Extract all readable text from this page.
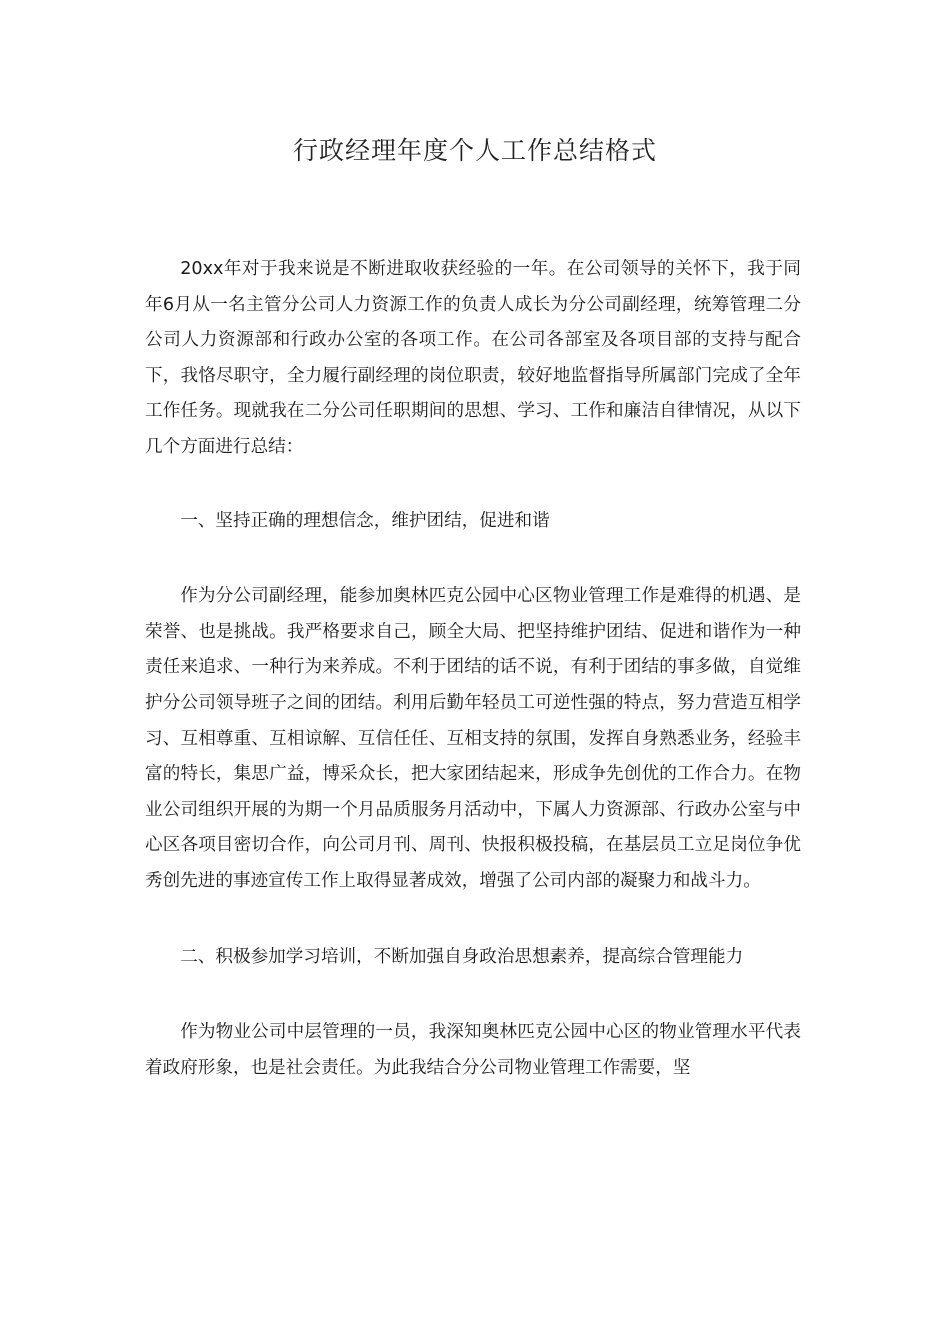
行政经理年度个人工作总结格式

20xx年对于我来说是不断进取收获经验的一年。在公司领导的关怀下，我于同年6月从一名主管分公司人力资源工作的负责人成长为分公司副经理，统筹管理二分公司人力资源部和行政办公室的各项工作。在公司各部室及各项目部的支持与配合下，我恪尽职守，全力履行副经理的岗位职责，较好地监督指导所属部门完成了全年工作任务。现就我在二分公司任职期间的思想、学习、工作和廉洁自律情况，从以下几个方面进行总结：

一、坚持正确的理想信念，维护团结，促进和谐

作为分公司副经理，能参加奥林匹克公园中心区物业管理工作是难得的机遇、是荣誉、也是挑战。我严格要求自己，顾全大局、把坚持维护团结、促进和谐作为一种责任来追求、一种行为来养成。不利于团结的话不说，有利于团结的事多做，自觉维护分公司领导班子之间的团结。利用后勤年轻员工可逆性强的特点，努力营造互相学习、互相尊重、互相谅解、互信任任、互相支持的氛围，发挥自身熟悉业务，经验丰富的特长，集思广益，博采众长，把大家团结起来，形成争先创优的工作合力。在物业公司组织开展的为期一个月品质服务月活动中，下属人力资源部、行政办公室与中心区各项目密切合作，向公司月刊、周刊、快报积极投稿，在基层员工立足岗位争优秀创先进的事迹宣传工作上取得显著成效，增强了公司内部的凝聚力和战斗力。

二、积极参加学习培训，不断加强自身政治思想素养，提高综合管理能力

作为物业公司中层管理的一员，我深知奥林匹克公园中心区的物业管理水平代表着政府形象，也是社会责任。为此我结合分公司物业管理工作需要，坚
